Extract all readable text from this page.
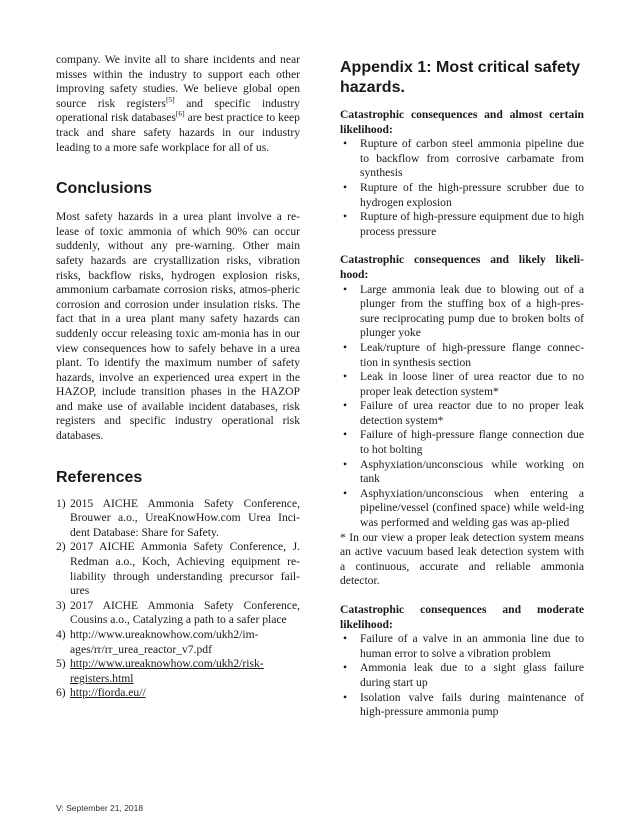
company. We invite all to share incidents and near misses within the industry to support each other improving safety studies. We believe global open source risk registers[5] and specific industry operational risk databases[6] are best practice to keep track and share safety hazards in our industry leading to a more safe workplace for all of us.

Conclusions

Most safety hazards in a urea plant involve a re-lease of toxic ammonia of which 90% can occur suddenly, without any pre-warning. Other main safety hazards are crystallization risks, vibration risks, backflow risks, hydrogen explosion risks, ammonium carbamate corrosion risks, atmos-pheric corrosion and corrosion under insulation risks. The fact that in a urea plant many safety hazards can suddenly occur releasing toxic am-monia has in our view consequences how to safely behave in a urea plant. To identify the maximum number of safety hazards, involve an experienced urea expert in the HAZOP, include transition phases in the HAZOP and make use of available incident databases, risk registers and specific industry operational risk databases.

References
1) 2015 AICHE Ammonia Safety Conference, Brouwer a.o., UreaKnowHow.com Urea Inci-dent Database: Share for Safety.
2) 2017 AICHE Ammonia Safety Conference, J. Redman a.o., Koch, Achieving equipment re-liability through understanding precursor fail-ures
3) 2017 AICHE Ammonia Safety Conference, Cousins a.o., Catalyzing a path to a safer place
4) http://www.ureaknowhow.com/ukh2/im-ages/rr/rr_urea_reactor_v7.pdf
5) http://www.ureaknowhow.com/ukh2/risk-registers.html
6) http://fiorda.eu//
Appendix 1: Most critical safety hazards.

Catastrophic consequences and almost certain likelihood:

• Rupture of carbon steel ammonia pipeline due to backflow from corrosive carbamate from synthesis
• Rupture of the high-pressure scrubber due to hydrogen explosion
• Rupture of high-pressure equipment due to high process pressure

Catastrophic consequences and likely likeli-hood:

• Large ammonia leak due to blowing out of a plunger from the stuffing box of a high-pres-sure reciprocating pump due to broken bolts of plunger yoke
• Leak/rupture of high-pressure flange connec-tion in synthesis section
• Leak in loose liner of urea reactor due to no proper leak detection system*
• Failure of urea reactor due to no proper leak detection system*
• Failure of high-pressure flange connection due to hot bolting
• Asphyxiation/unconscious while working on tank
• Asphyxiation/unconscious when entering a pipeline/vessel (confined space) while weld-ing was performed and welding gas was ap-plied

* In our view a proper leak detection system means an active vacuum based leak detection system with a continuous, accurate and reliable ammonia detector.

Catastrophic consequences and moderate likelihood:

• Failure of a valve in an ammonia line due to human error to solve a vibration problem
• Ammonia leak due to a sight glass failure during start up
• Isolation valve fails during maintenance of high-pressure ammonia pump
V: September 21, 2018
